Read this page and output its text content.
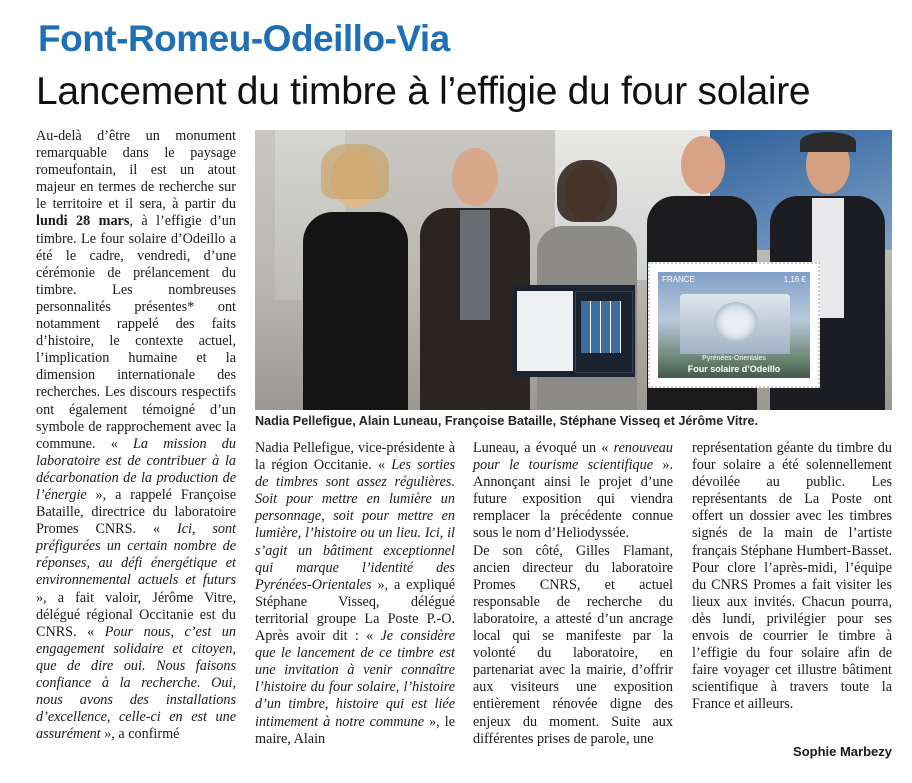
Font-Romeu-Odeillo-Via
Lancement du timbre à l’effigie du four solaire

Au-delà d’être un monument remarquable dans le paysage romeufontain, il est un atout majeur en termes de recherche sur le territoire et il sera, à partir du lundi 28 mars, à l’effigie d’un timbre. Le four solaire d’Odeillo a été le cadre, vendredi, d’une cérémonie de prélancement du timbre. Les nombreuses personnalités présentes* ont notamment rappelé des faits d’histoire, le contexte actuel, l’implication humaine et la dimension internationale des recherches. Les discours respectifs ont également témoigné d’un symbole de rapprochement avec la commune. « La mission du laboratoire est de contribuer à la décarbonation de la production de l’énergie », a rappelé Françoise Bataille, directrice du laboratoire Promes CNRS. « Ici, sont préfigurées un certain nombre de réponses, au défi énergétique et environnemental actuels et futurs », a fait valoir, Jérôme Vitre, délégué régional Occitanie est du CNRS. « Pour nous, c’est un engagement solidaire et citoyen, que de dire oui. Nous faisons confiance à la recherche. Oui, nous avons des installations d’excellence, celle-ci en est une assurément », a confirmé

FRANCE	1,16 €
Pyrénées-Orientales
Four solaire d’Odeillo
Nadia Pellefigue, Alain Luneau, Françoise Bataille, Stéphane Visseq et Jérôme Vitre.

Nadia Pellefigue, vice-présidente à la région Occitanie. « Les sorties de timbres sont assez régulières. Soit pour mettre en lumière un personnage, soit pour mettre en lumière, l’histoire ou un lieu. Ici, il s’agit un bâtiment exceptionnel qui marque l’identité des Pyrénées-Orientales », a expliqué Stéphane Visseq, délégué territorial groupe La Poste P.-O. Après avoir dit : « Je considère que le lancement de ce timbre est une invitation à venir connaître l’histoire du four solaire, l’histoire d’un timbre, histoire qui est liée intimement à notre commune », le maire, Alain

Luneau, a évoqué un « renouveau pour le tourisme scientifique ». Annonçant ainsi le projet d’une future exposition qui viendra remplacer la précédente connue sous le nom d’Heliodyssée.

De son côté, Gilles Flamant, ancien directeur du laboratoire Promes CNRS, et actuel responsable de recherche du laboratoire, a attesté d’un ancrage local qui se manifeste par la volonté du laboratoire, en partenariat avec la mairie, d’offrir aux visiteurs une exposition entièrement rénovée digne des enjeux du moment. Suite aux différentes prises de parole, une

représentation géante du timbre du four solaire a été solennellement dévoilée au public. Les représentants de La Poste ont offert un dossier avec les timbres signés de la main de l’artiste français Stéphane Humbert-Basset. Pour clore l’après-midi, l’équipe du CNRS Promes a fait visiter les lieux aux invités. Chacun pourra, dès lundi, privilégier pour ses envois de courrier le timbre à l’effigie du four solaire afin de faire voyager cet illustre bâtiment scientifique à travers toute la France et ailleurs.

Sophie Marbezy
